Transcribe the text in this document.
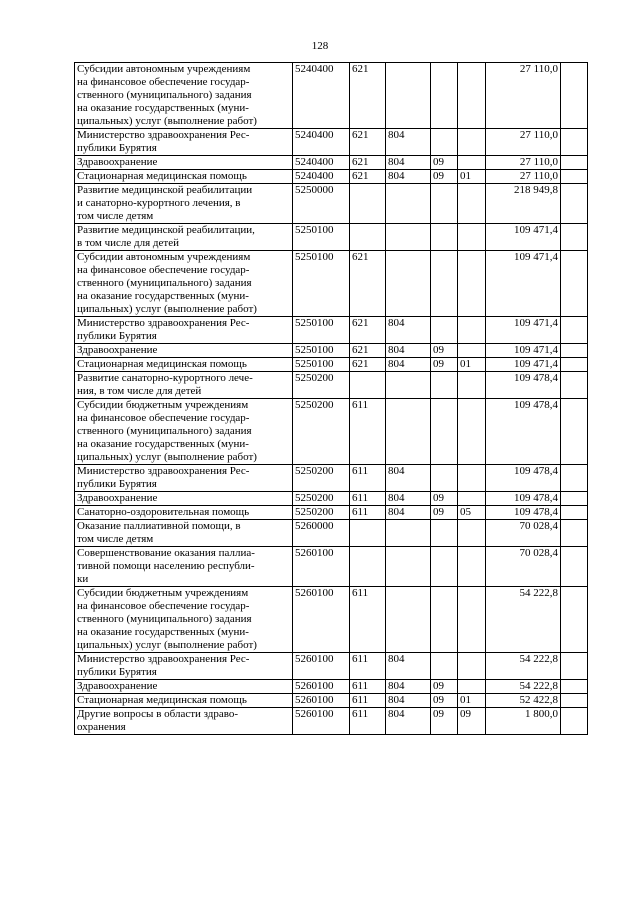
128
Субсидии автономным учреждениям
на финансовое обеспечение государ-
ственного (муниципального) задания
на оказание государственных (муни-
ципальных) услуг (выполнение работ)	5240400	621				27 110,0	
Министерство здравоохранения Рес-
публики Бурятия	5240400	621	804			27 110,0	
Здравоохранение	5240400	621	804	09		27 110,0	
Стационарная медицинская помощь	5240400	621	804	09	01	27 110,0	
Развитие медицинской реабилитации
и санаторно-курортного лечения, в
том числе детям	5250000					218 949,8	
Развитие медицинской реабилитации,
в том числе для детей	5250100					109 471,4	
Субсидии автономным учреждениям
на финансовое обеспечение государ-
ственного (муниципального) задания
на оказание государственных (муни-
ципальных) услуг (выполнение работ)	5250100	621				109 471,4	
Министерство здравоохранения Рес-
публики Бурятия	5250100	621	804			109 471,4	
Здравоохранение	5250100	621	804	09		109 471,4	
Стационарная медицинская помощь	5250100	621	804	09	01	109 471,4	
Развитие санаторно-курортного лече-
ния, в том числе для детей	5250200					109 478,4	
Субсидии бюджетным учреждениям
на финансовое обеспечение государ-
ственного (муниципального) задания
на оказание государственных (муни-
ципальных) услуг (выполнение работ)	5250200	611				109 478,4	
Министерство здравоохранения Рес-
публики Бурятия	5250200	611	804			109 478,4	
Здравоохранение	5250200	611	804	09		109 478,4	
Санаторно-оздоровительная помощь	5250200	611	804	09	05	109 478,4	
Оказание паллиативной помощи, в
том числе детям	5260000					70 028,4	
Совершенствование оказания паллиа-
тивной помощи населению республи-
ки	5260100					70 028,4	
Субсидии бюджетным учреждениям
на финансовое обеспечение государ-
ственного (муниципального) задания
на оказание государственных (муни-
ципальных) услуг (выполнение работ)	5260100	611				54 222,8	
Министерство здравоохранения Рес-
публики Бурятия	5260100	611	804			54 222,8	
Здравоохранение	5260100	611	804	09		54 222,8	
Стационарная медицинская помощь	5260100	611	804	09	01	52 422,8	
Другие вопросы в области здраво-
охранения	5260100	611	804	09	09	1 800,0	
